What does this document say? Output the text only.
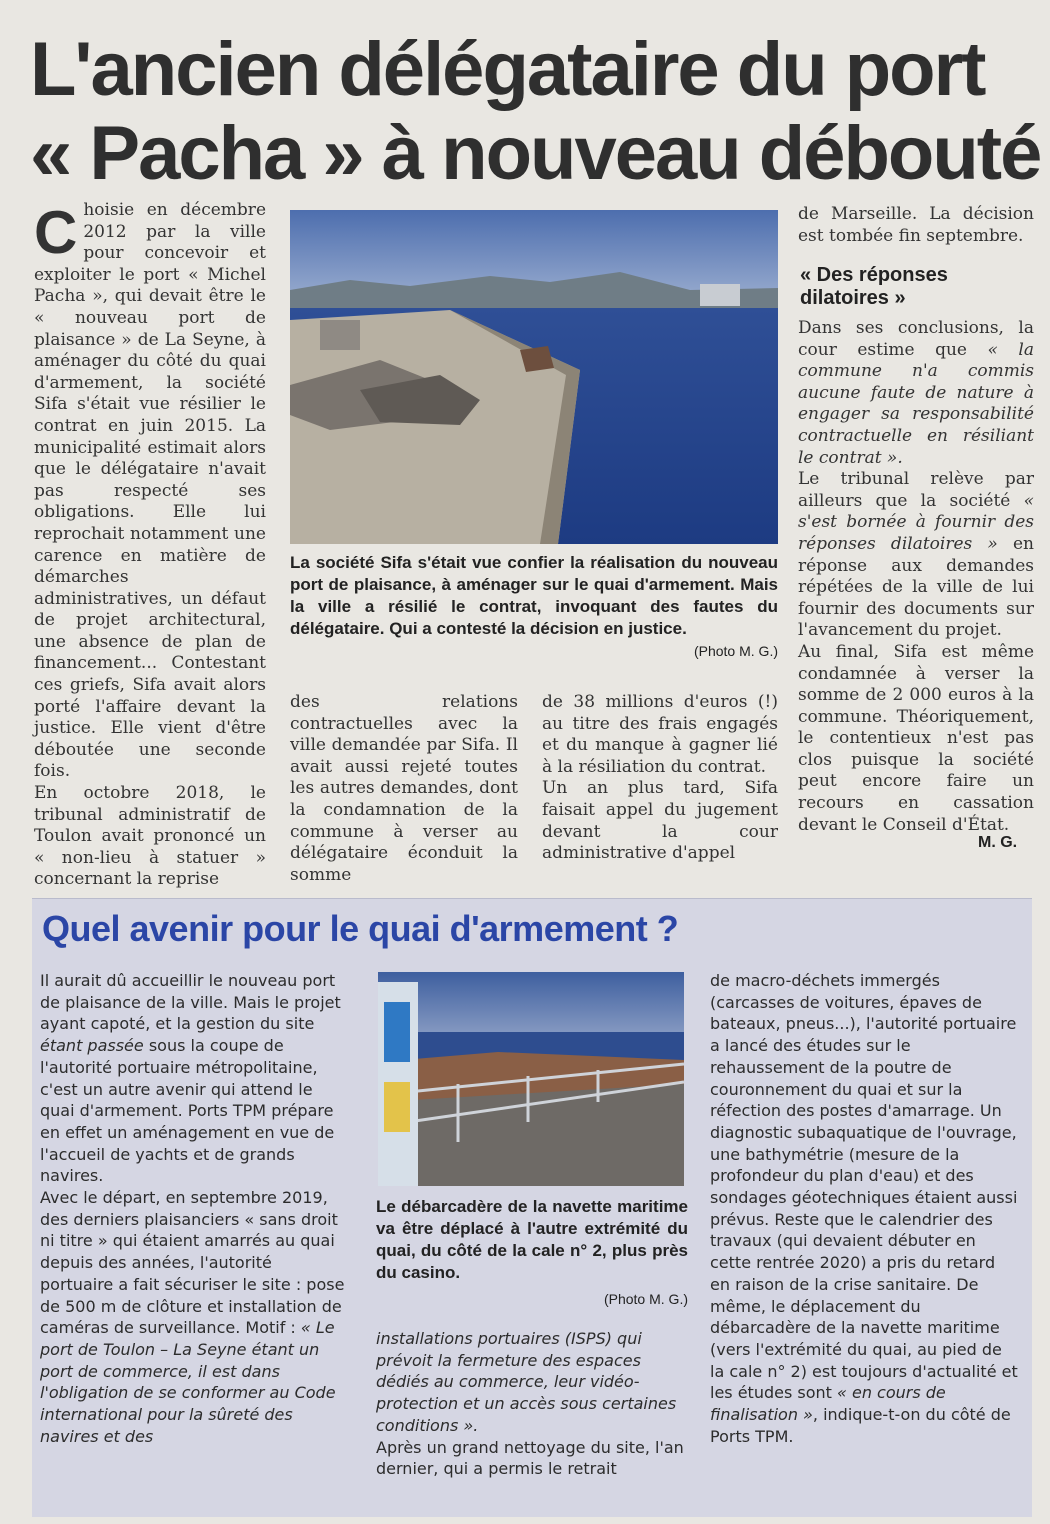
L'ancien délégataire du port
« Pacha » à nouveau débouté
C hoisie en décembre 2012 par la ville pour concevoir et exploiter le port « Michel Pacha », qui devait être le « nouveau port de plaisance » de La Seyne, à aménager du côté du quai d'armement, la société Sifa s'était vue résilier le contrat en juin 2015. La municipalité estimait alors que le délégataire n'avait pas respecté ses obligations. Elle lui reprochait notamment une carence en matière de démarches administratives, un défaut de projet architectural, une absence de plan de financement... Contestant ces griefs, Sifa avait alors porté l'affaire devant la justice. Elle vient d'être déboutée une seconde fois.

En octobre 2018, le tribunal administratif de Toulon avait prononcé un « non-lieu à statuer » concernant la reprise

La société Sifa s'était vue confier la réalisation du nouveau port de plaisance, à aménager sur le quai d'armement. Mais la ville a résilié le contrat, invoquant des fautes du délégataire. Qui a contesté la décision en justice.
(Photo M. G.)

des relations contractuelles avec la ville demandée par Sifa. Il avait aussi rejeté toutes les autres demandes, dont la condamnation de la commune à verser au délégataire éconduit la somme

de 38 millions d'euros (!) au titre des frais engagés et du manque à gagner lié à la résiliation du contrat.

Un an plus tard, Sifa faisait appel du jugement devant la cour administrative d'appel

de Marseille. La décision est tombée fin septembre.

« Des réponses dilatoires »

Dans ses conclusions, la cour estime que « la commune n'a commis aucune faute de nature à engager sa responsabilité contractuelle en résiliant le contrat ».

Le tribunal relève par ailleurs que la société « s'est bornée à fournir des réponses dilatoires » en réponse aux demandes répétées de la ville de lui fournir des documents sur l'avancement du projet.

Au final, Sifa est même condamnée à verser la somme de 2 000 euros à la commune. Théoriquement, le contentieux n'est pas clos puisque la société peut encore faire un recours en cassation devant le Conseil d'État.

M. G.
Quel avenir pour le quai d'armement ?

Il aurait dû accueillir le nouveau port de plaisance de la ville. Mais le projet ayant capoté, et la gestion du site étant passée sous la coupe de l'autorité portuaire métropolitaine, c'est un autre avenir qui attend le quai d'armement. Ports TPM prépare en effet un aménagement en vue de l'accueil de yachts et de grands navires.

Avec le départ, en septembre 2019, des derniers plaisanciers « sans droit ni titre » qui étaient amarrés au quai depuis des années, l'autorité portuaire a fait sécuriser le site : pose de 500 m de clôture et installation de caméras de surveillance. Motif : « Le port de Toulon – La Seyne étant un port de commerce, il est dans l'obligation de se conformer au Code international pour la sûreté des navires et des

Le débarcadère de la navette maritime va être déplacé à l'autre extrémité du quai, du côté de la cale n° 2, plus près du casino.
(Photo M. G.)

installations portuaires (ISPS) qui prévoit la fermeture des espaces dédiés au commerce, leur vidéo-protection et un accès sous certaines conditions ».

Après un grand nettoyage du site, l'an dernier, qui a permis le retrait

de macro-déchets immergés (carcasses de voitures, épaves de bateaux, pneus...), l'autorité portuaire a lancé des études sur le rehaussement de la poutre de couronnement du quai et sur la réfection des postes d'amarrage. Un diagnostic subaquatique de l'ouvrage, une bathymétrie (mesure de la profondeur du plan d'eau) et des sondages géotechniques étaient aussi prévus. Reste que le calendrier des travaux (qui devaient débuter en cette rentrée 2020) a pris du retard en raison de la crise sanitaire. De même, le déplacement du débarcadère de la navette maritime (vers l'extrémité du quai, au pied de la cale n° 2) est toujours d'actualité et les études sont « en cours de finalisation », indique-t-on du côté de Ports TPM.
